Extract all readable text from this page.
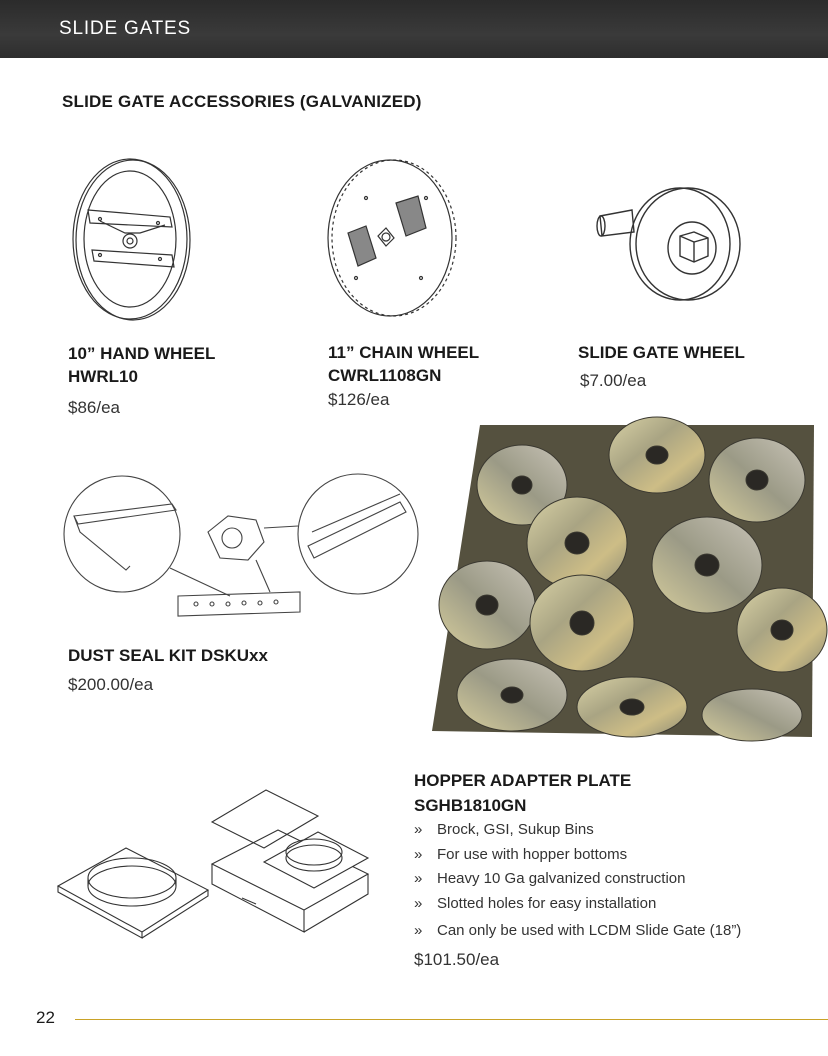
SLIDE GATES
SLIDE GATE ACCESSORIES (GALVANIZED)
10” HAND WHEEL
HWRL10
$86/ea
11” CHAIN WHEEL
CWRL1108GN
$126/ea
SLIDE GATE WHEEL
$7.00/ea
DUST SEAL KIT DSKUxx
$200.00/ea
HOPPER ADAPTER PLATE
SGHB1810GN
» Brock, GSI, Sukup Bins
» For use with hopper bottoms
» Heavy 10 Ga galvanized construction
» Slotted holes for easy installation
» Can only be used with LCDM Slide Gate (18”)
$101.50/ea
22
